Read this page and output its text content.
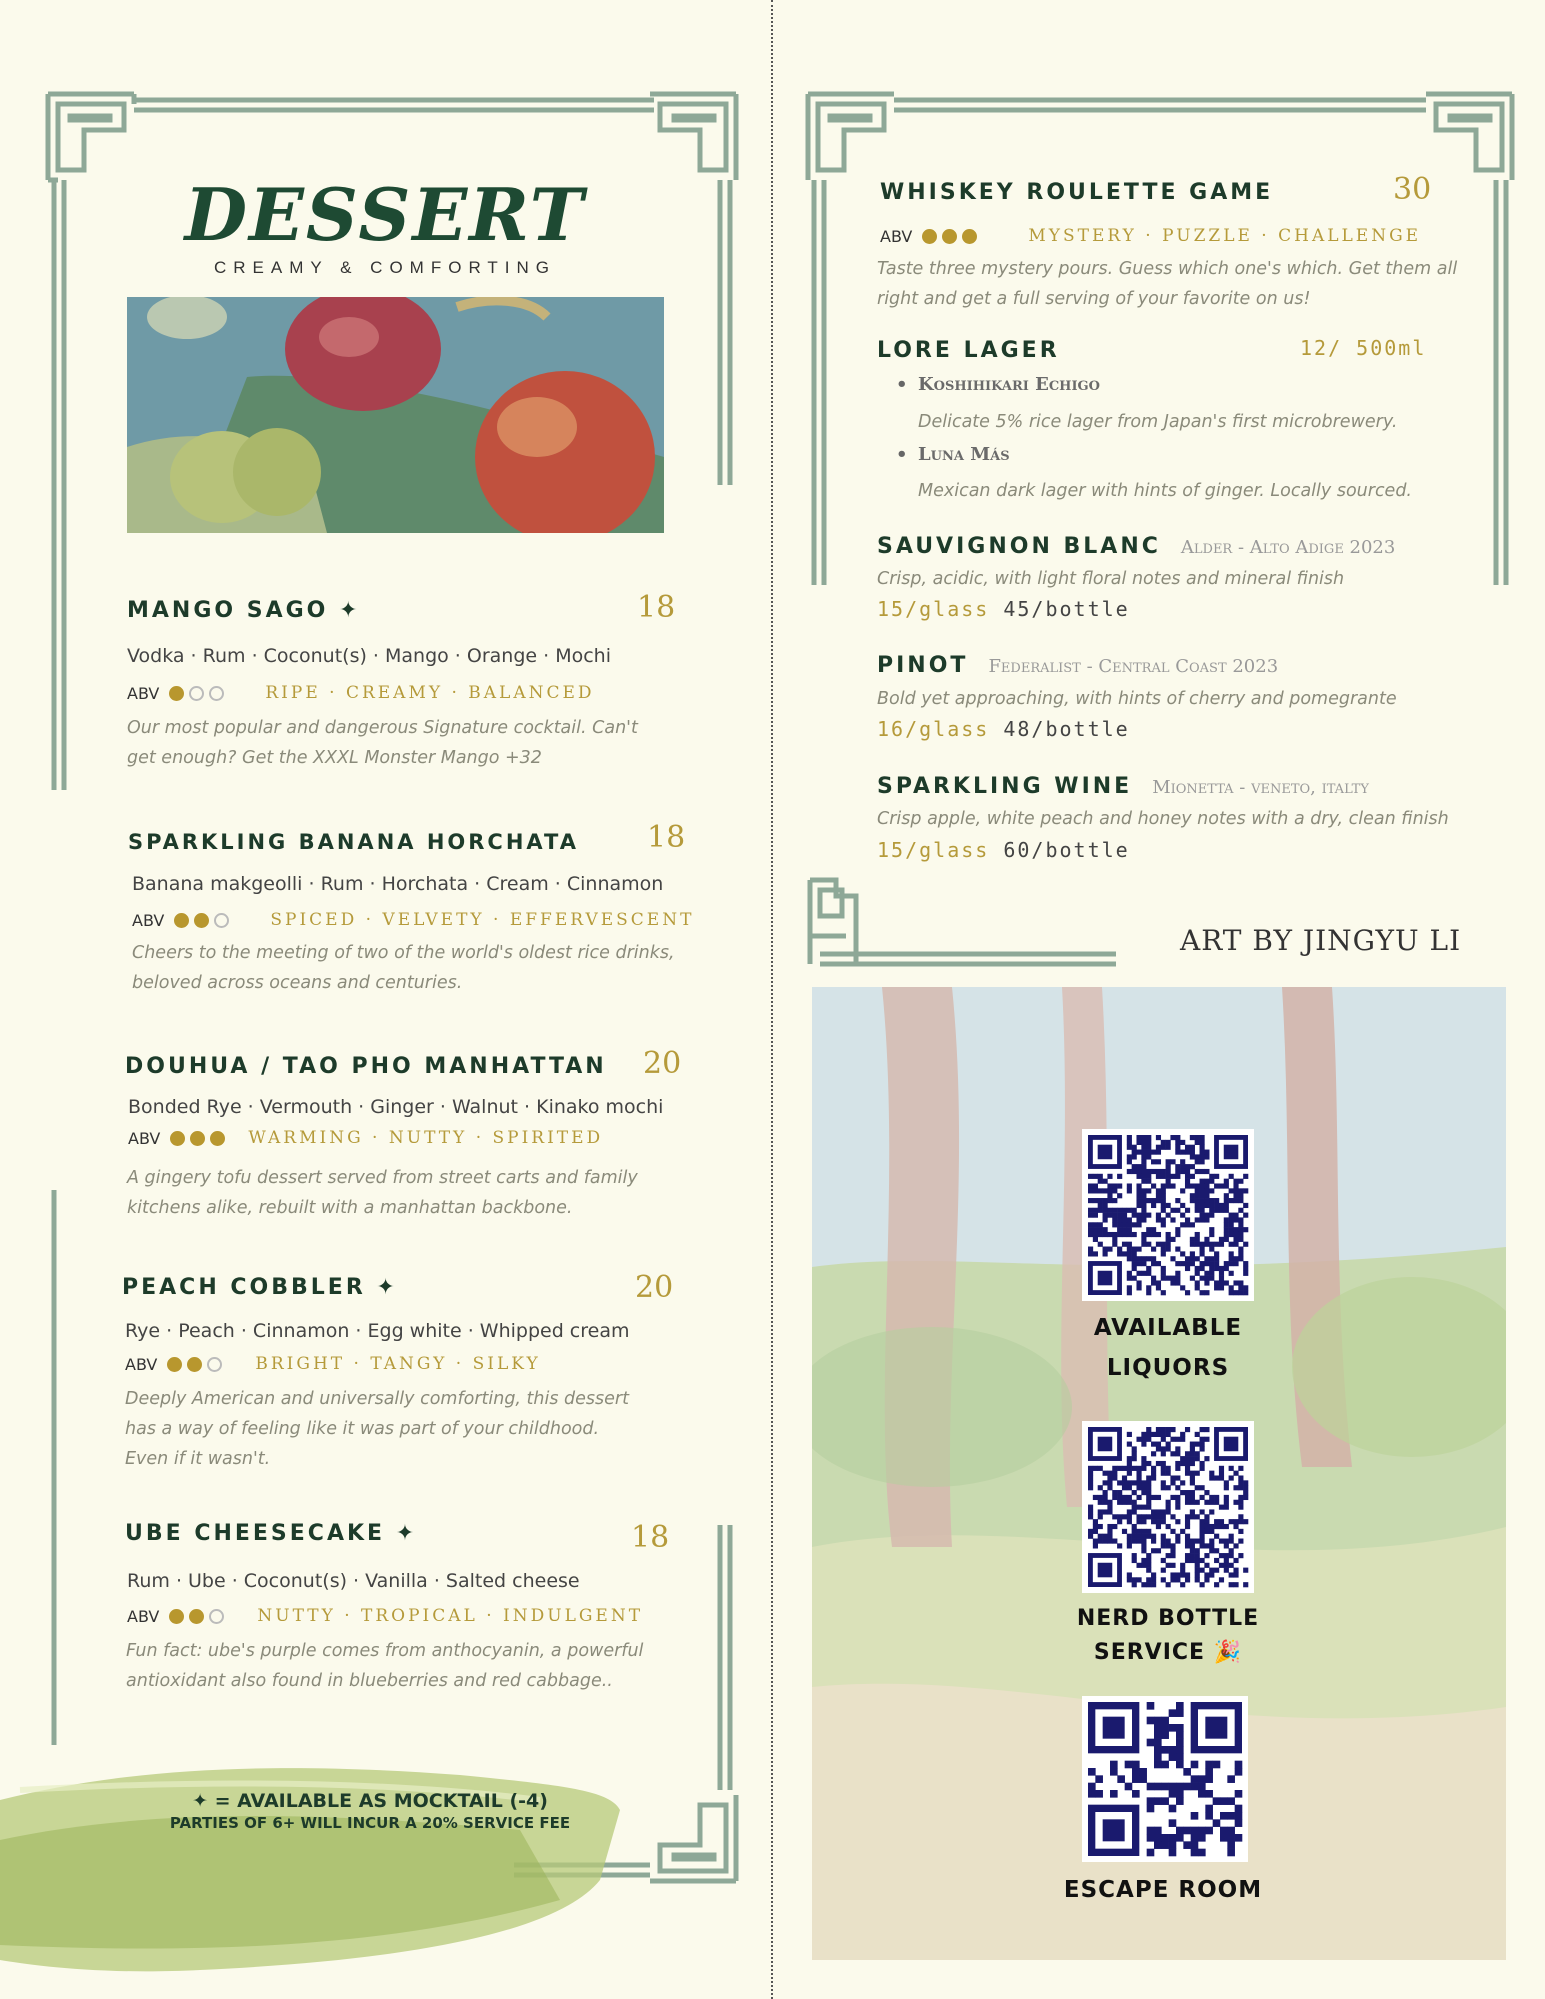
DESSERT
CREAMY & COMFORTING
MANGO SAGO ✦	18
Vodka · Rum · Coconut(s) · Mango · Orange · Mochi
ABV	RIPE · CREAMY · BALANCED
Our most popular and dangerous Signature cocktail. Can't
get enough? Get the XXXL Monster Mango +32
SPARKLING BANANA HORCHATA 18
Banana makgeolli · Rum · Horchata · Cream · Cinnamon
ABV	SPICED · VELVETY · EFFERVESCENT
Cheers to the meeting of two of the world's oldest rice drinks,
beloved across oceans and centuries.
DOUHUA / TAO PHO MANHATTAN 20
Bonded Rye · Vermouth · Ginger · Walnut · Kinako mochi
ABV	WARMING · NUTTY · SPIRITED
A gingery tofu dessert served from street carts and family
kitchens alike, rebuilt with a manhattan backbone.
PEACH COBBLER ✦	20
Rye · Peach · Cinnamon · Egg white · Whipped cream
ABV	BRIGHT · TANGY · SILKY
Deeply American and universally comforting, this dessert
has a way of feeling like it was part of your childhood.
Even if it wasn't.
UBE CHEESECAKE ✦	18
Rum · Ube · Coconut(s) · Vanilla · Salted cheese
ABV	NUTTY · TROPICAL · INDULGENT
Fun fact: ube's purple comes from anthocyanin, a powerful
antioxidant also found in blueberries and red cabbage..
✦ = AVAILABLE AS MOCKTAIL (-4)
PARTIES OF 6+ WILL INCUR A 20% SERVICE FEE
WHISKEY ROULETTE GAME	30
ABV	MYSTERY · PUZZLE · CHALLENGE
Taste three mystery pours. Guess which one's which. Get them all
right and get a full serving of your favorite on us!
LORE LAGER	12/ 500ml
• Koshihikari Echigo
Delicate 5% rice lager from Japan's first microbrewery.
• Luna Más
Mexican dark lager with hints of ginger. Locally sourced.
SAUVIGNON BLANC Alder - Alto Adige 2023
Crisp, acidic, with light floral notes and mineral finish
15/glass 45/bottle
PINOT Federalist - Central Coast 2023
Bold yet approaching, with hints of cherry and pomegrante
16/glass 48/bottle
SPARKLING WINE Mionetta - veneto, italty
Crisp apple, white peach and honey notes with a dry, clean finish
15/glass 60/bottle
ART BY JINGYU LI
AVAILABLE
LIQUORS
NERD BOTTLE
SERVICE 🎉
ESCAPE ROOM
